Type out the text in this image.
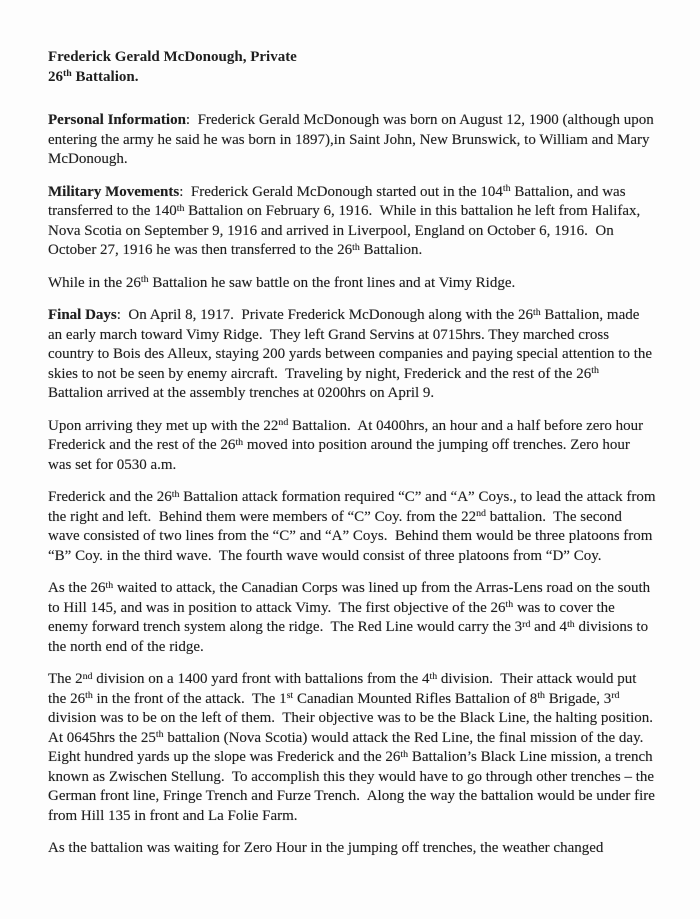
Frederick Gerald McDonough, Private
26th Battalion.

Personal Information:  Frederick Gerald McDonough was born on August 12, 1900 (although upon entering the army he said he was born in 1897),in Saint John, New Brunswick, to William and Mary McDonough.

Military Movements:  Frederick Gerald McDonough started out in the 104th Battalion, and was transferred to the 140th Battalion on February 6, 1916.  While in this battalion he left from Halifax, Nova Scotia on September 9, 1916 and arrived in Liverpool, England on October 6, 1916.  On October 27, 1916 he was then transferred to the 26th Battalion.

While in the 26th Battalion he saw battle on the front lines and at Vimy Ridge.

Final Days:  On April 8, 1917.  Private Frederick McDonough along with the 26th Battalion, made an early march toward Vimy Ridge.  They left Grand Servins at 0715hrs. They marched cross country to Bois des Alleux, staying 200 yards between companies and paying special attention to the skies to not be seen by enemy aircraft.  Traveling by night, Frederick and the rest of the 26th Battalion arrived at the assembly trenches at 0200hrs on April 9.

Upon arriving they met up with the 22nd Battalion.  At 0400hrs, an hour and a half before zero hour Frederick and the rest of the 26th moved into position around the jumping off trenches. Zero hour was set for 0530 a.m.

Frederick and the 26th Battalion attack formation required “C” and “A” Coys., to lead the attack from the right and left.  Behind them were members of “C” Coy. from the 22nd battalion.  The second wave consisted of two lines from the “C” and “A” Coys.  Behind them would be three platoons from “B” Coy. in the third wave.  The fourth wave would consist of three platoons from “D” Coy.

As the 26th waited to attack, the Canadian Corps was lined up from the Arras-Lens road on the south to Hill 145, and was in position to attack Vimy.  The first objective of the 26th was to cover the enemy forward trench system along the ridge.  The Red Line would carry the 3rd and 4th divisions to the north end of the ridge.

The 2nd division on a 1400 yard front with battalions from the 4th division.  Their attack would put the 26th in the front of the attack.  The 1st Canadian Mounted Rifles Battalion of 8th Brigade, 3rd division was to be on the left of them.  Their objective was to be the Black Line, the halting position.  At 0645hrs the 25th battalion (Nova Scotia) would attack the Red Line, the final mission of the day.  Eight hundred yards up the slope was Frederick and the 26th Battalion’s Black Line mission, a trench known as Zwischen Stellung.  To accomplish this they would have to go through other trenches – the German front line, Fringe Trench and Furze Trench.  Along the way the battalion would be under fire from Hill 135 in front and La Folie Farm.

As the battalion was waiting for Zero Hour in the jumping off trenches, the weather changed
